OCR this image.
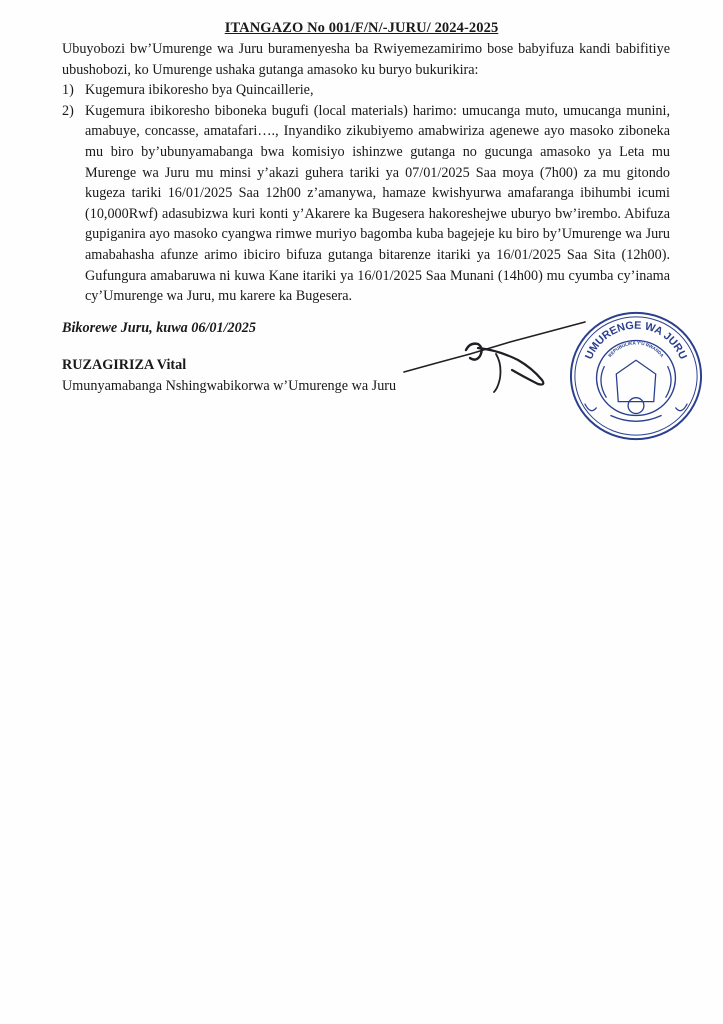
ITANGAZO No 001/F/N/-JURU/ 2024-2025

Ubuyobozi bw’Umurenge wa Juru buramenyesha ba Rwiyemezamirimo bose babyifuza kandi babifitiye ubushobozi, ko Umurenge ushaka gutanga amasoko ku buryo bukurikira:

1) Kugemura ibikoresho bya Quincaillerie,
2) Kugemura ibikoresho biboneka bugufi (local materials) harimo: umucanga muto, umucanga munini, amabuye, concasse, amatafari…., Inyandiko zikubiyemo amabwiriza agenewe ayo masoko ziboneka mu biro by’ubunyamabanga bwa komisiyo ishinzwe gutanga no gucunga amasoko ya Leta mu Murenge wa Juru mu minsi y’akazi guhera tariki ya 07/01/2025 Saa moya (7h00) za mu gitondo kugeza tariki 16/01/2025 Saa 12h00 z’amanywa, hamaze kwishyurwa amafaranga ibihumbi icumi (10,000Rwf) adasubizwa kuri konti y’Akarere ka Bugesera hakoreshejwe uburyo bw’irembo. Abifuza gupiganira ayo masoko cyangwa rimwe muriyo bagomba kuba bagejeje ku biro by’Umurenge wa Juru amabahasha afunze arimo ibiciro bifuza gutanga bitarenze itariki ya 16/01/2025 Saa Sita (12h00). Gufungura amabaruwa ni kuwa Kane itariki ya 16/01/2025 Saa Munani (14h00) mu cyumba cy’inama cy’Umurenge wa Juru, mu karere ka Bugesera.
Bikorewe Juru, kuwa 06/01/2025
RUZAGIRIZA Vital
Umunyamabanga Nshingwabikorwa w’Umurenge wa Juru
UMURENGE WA JURU
REPUBULIKA Y'U RWANDA
